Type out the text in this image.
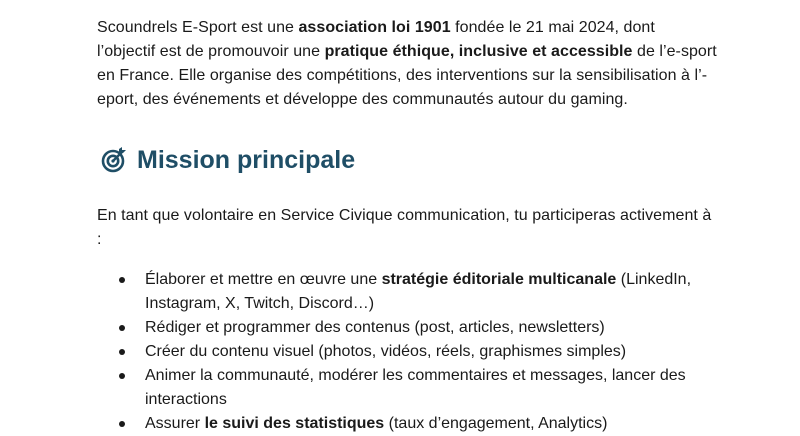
Scoundrels E-Sport est une association loi 1901 fondée le 21 mai 2024, dont l’objectif est de promouvoir une pratique éthique, inclusive et accessible de l’e-sport en France. Elle organise des compétitions, des interventions sur la sensibilisation à l’-eport, des événements et développe des communautés autour du gaming.

Mission principale

En tant que volontaire en Service Civique communication, tu participeras activement à :

Élaborer et mettre en œuvre une stratégie éditoriale multicanale (LinkedIn, Instagram, X, Twitch, Discord…)
Rédiger et programmer des contenus (post, articles, newsletters)
Créer du contenu visuel (photos, vidéos, réels, graphismes simples)
Animer la communauté, modérer les commentaires et messages, lancer des interactions
Assurer le suivi des statistiques (taux d’engagement, Analytics)
